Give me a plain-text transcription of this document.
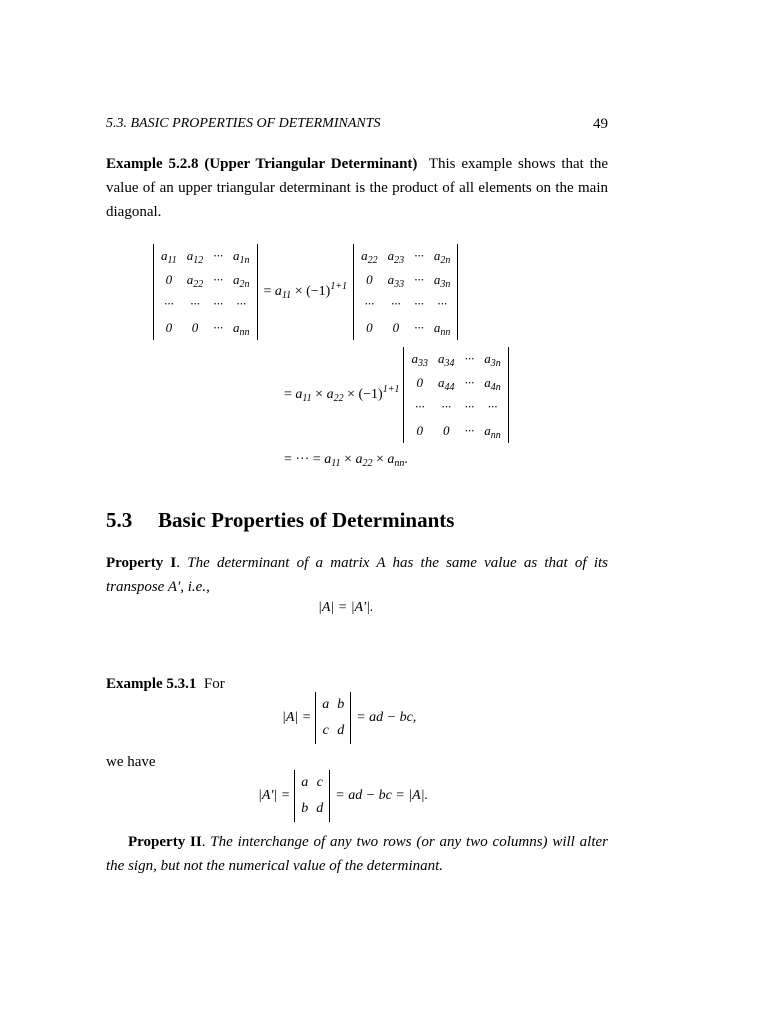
5.3. BASIC PROPERTIES OF DETERMINANTS	49
Example 5.2.8 (Upper Triangular Determinant) This example shows that the value of an upper triangular determinant is the product of all elements on the main diagonal.
$a_{11}$	$a_{12}$	···	$a_{1n}$
0	$a_{22}$	···	$a_{2n}$
···	···	···	···
0	0	···	$a_{nn}$
= $a_{11} \times (-1)^{1+1}$
$a_{22}$	$a_{23}$	···	$a_{2n}$
0	$a_{33}$	···	$a_{3n}$
···	···	···	···
0	0	···	$a_{nn}$
= $a_{11} \times a_{22} \times (-1)^{1+1}$
$a_{33}$	$a_{34}$	···	$a_{3n}$
0	$a_{44}$	···	$a_{4n}$
···	···	···	···
0	0	···	$a_{nn}$
= ··· = $a_{11} \times a_{22} \times a_{nn}$.
5.3 Basic Properties of Determinants
Property I. The determinant of a matrix A has the same value as that of its transpose A′, i.e.,
|A| = |A′|.
Example 5.3.1 For
|A| =
a	b
c	d
= ad − bc,
we have
|A′| =
a	c
b	d
= ad − bc = |A|.
Property II. The interchange of any two rows (or any two columns) will alter the sign, but not the numerical value of the determinant.
